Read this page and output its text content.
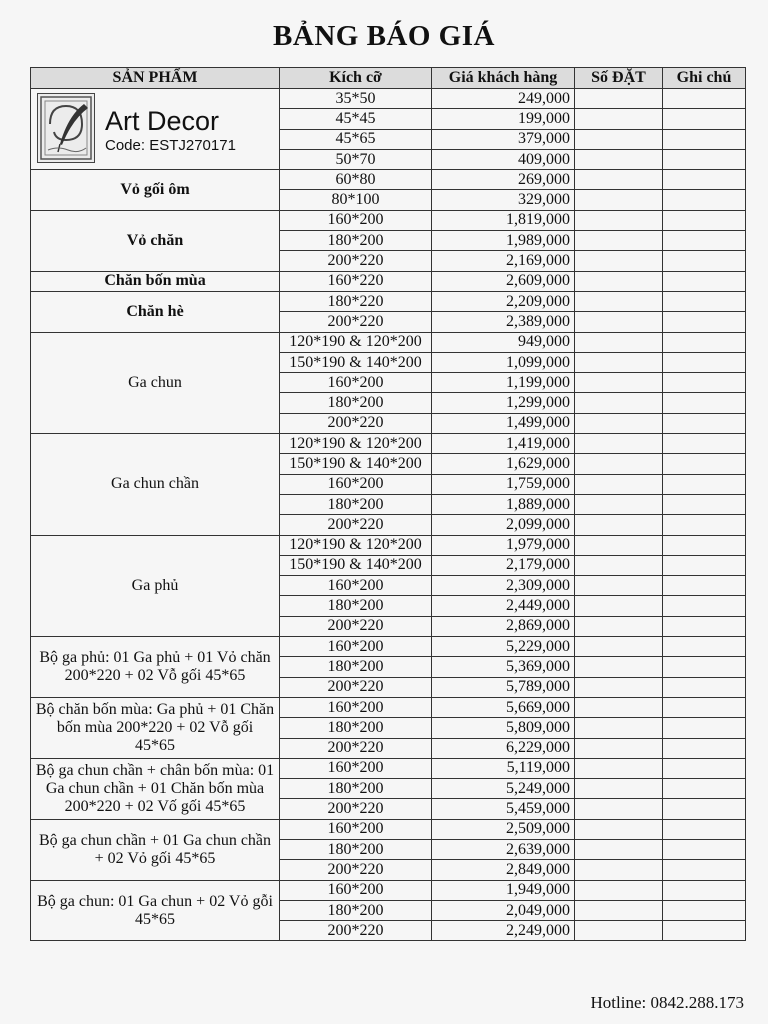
BẢNG BÁO GIÁ
SẢN PHẨM	Kích cỡ	Giá khách hàng	Số ĐẶT	Ghi chú

Art Decor
Code: ESTJ270171	35*50	249,000		
	45*45	199,000		
	45*65	379,000		
	50*70	409,000		
Vỏ gối ôm	60*80	269,000		
	80*100	329,000		
Vỏ chăn	160*200	1,819,000		
	180*200	1,989,000		
	200*220	2,169,000		
Chăn bốn mùa	160*220	2,609,000		
Chăn hè	180*220	2,209,000		
	200*220	2,389,000		
Ga chun	120*190 & 120*200	949,000		
	150*190 & 140*200	1,099,000		
	160*200	1,199,000		
	180*200	1,299,000		
	200*220	1,499,000		
Ga chun chần	120*190 & 120*200	1,419,000		
	150*190 & 140*200	1,629,000		
	160*200	1,759,000		
	180*200	1,889,000		
	200*220	2,099,000		
Ga phủ	120*190 & 120*200	1,979,000		
	150*190 & 140*200	2,179,000		
	160*200	2,309,000		
	180*200	2,449,000		
	200*220	2,869,000		
Bộ ga phủ: 01 Ga phủ + 01 Vỏ chăn 200*220 + 02 Vỗ gối 45*65	160*200	5,229,000		
	180*200	5,369,000		
	200*220	5,789,000		
Bộ chăn bốn mùa: Ga phủ + 01 Chăn bốn mùa 200*220 + 02 Vỗ gối 45*65	160*200	5,669,000		
	180*200	5,809,000		
	200*220	6,229,000		
Bộ ga chun chần + chân bốn mùa: 01 Ga chun chần + 01 Chăn bốn mùa 200*220 + 02 Vố gối 45*65	160*200	5,119,000		
	180*200	5,249,000		
	200*220	5,459,000		
Bộ ga chun chần + 01 Ga chun chần + 02 Vỏ gối 45*65	160*200	2,509,000		
	180*200	2,639,000		
	200*220	2,849,000		
Bộ ga chun: 01 Ga chun + 02 Vỏ gỗi 45*65	160*200	1,949,000		
	180*200	2,049,000		
	200*220	2,249,000		
Hotline: 0842.288.173
